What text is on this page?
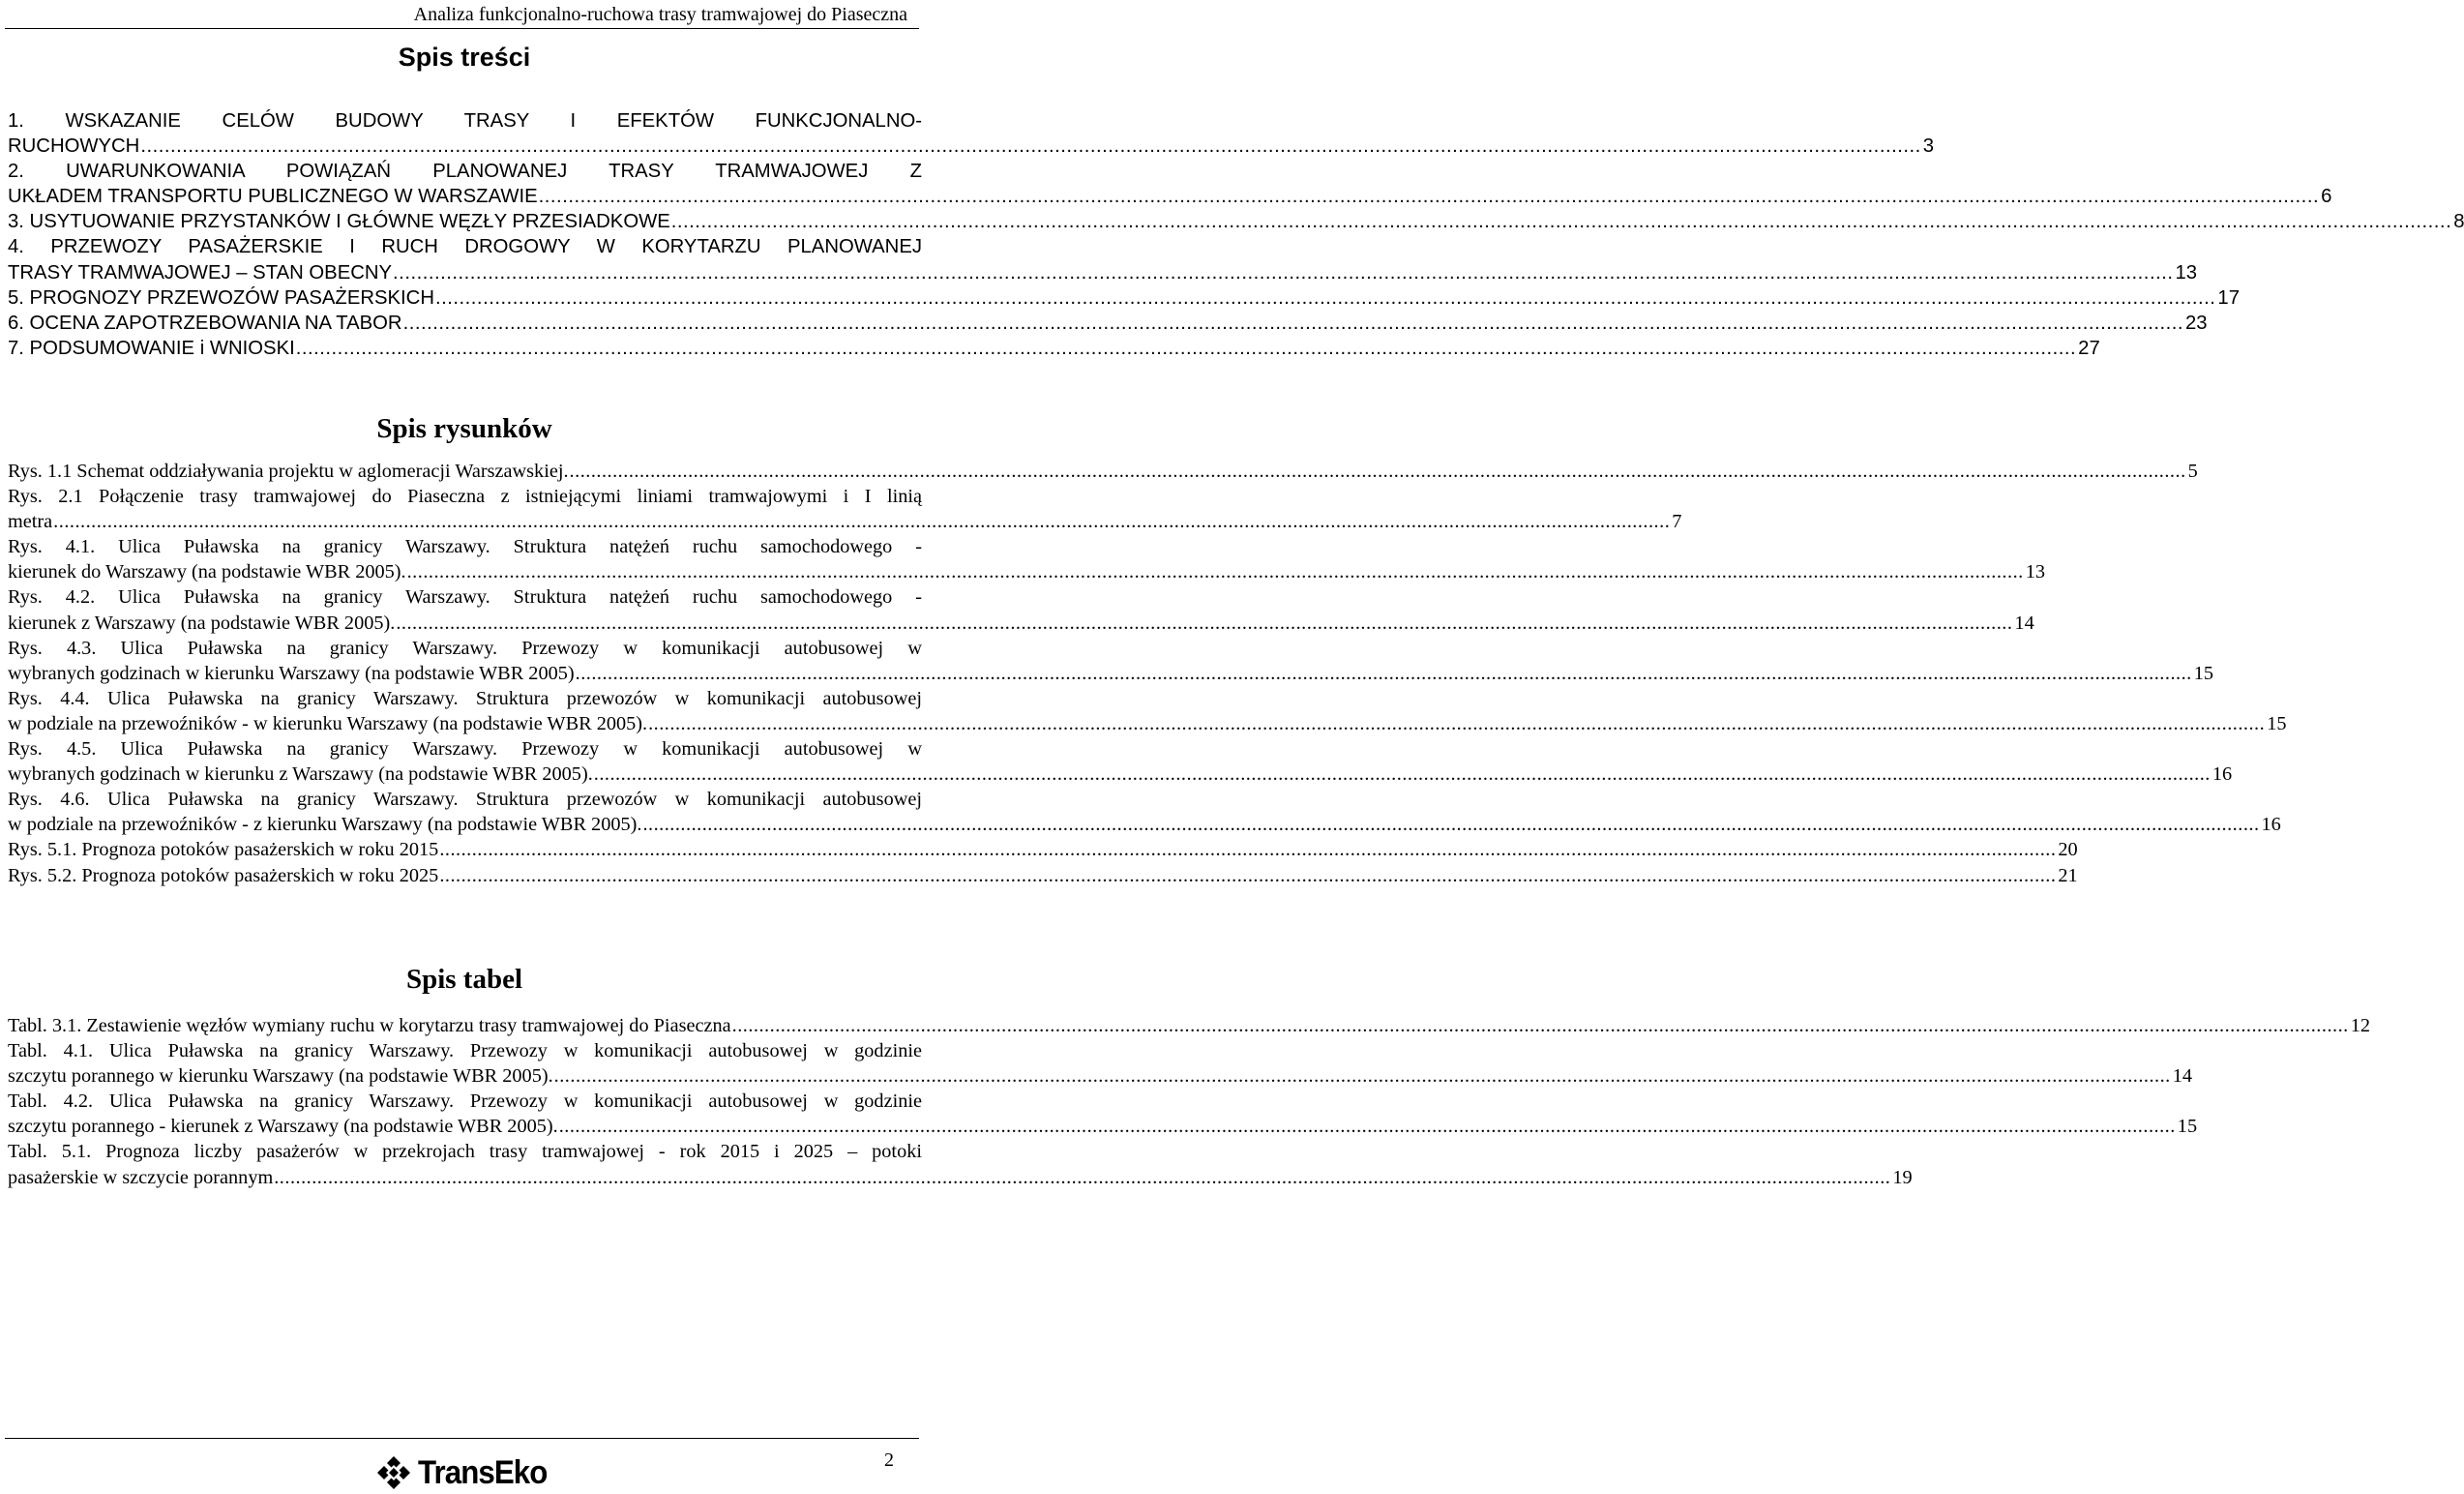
Analiza funkcjonalno-ruchowa trasy tramwajowej do Piaseczna
Spis treści
1. WSKAZANIE CELÓW BUDOWY TRASY I EFEKTÓW FUNKCJONALNO-
RUCHOWYCH ............................................................................................................................................................................................................................................................................................................ 3
2. UWARUNKOWANIA POWIĄZAŃ PLANOWANEJ TRASY TRAMWAJOWEJ Z
UKŁADEM TRANSPORTU PUBLICZNEGO W WARSZAWIE ............................................................................................................................................................................................................................................................................................................ 6
3. USYTUOWANIE PRZYSTANKÓW I GŁÓWNE WĘZŁY PRZESIADKOWE ............................................................................................................................................................................................................................................................................................................ 8
4. PRZEWOZY PASAŻERSKIE I RUCH DROGOWY W KORYTARZU PLANOWANEJ
TRASY TRAMWAJOWEJ – STAN OBECNY ............................................................................................................................................................................................................................................................................................................ 13
5. PROGNOZY PRZEWOZÓW PASAŻERSKICH ............................................................................................................................................................................................................................................................................................................ 17
6. OCENA ZAPOTRZEBOWANIA NA TABOR ............................................................................................................................................................................................................................................................................................................ 23
7. PODSUMOWANIE i WNIOSKI ............................................................................................................................................................................................................................................................................................................ 27
Spis rysunków
Rys. 1.1 Schemat oddziaływania projektu w aglomeracji Warszawskiej. ............................................................................................................................................................................................................................................................................................................ 5
Rys. 2.1 Połączenie trasy tramwajowej do Piaseczna z istniejącymi liniami tramwajowymi i I linią
metra ............................................................................................................................................................................................................................................................................................................ 7
Rys. 4.1. Ulica Puławska na granicy Warszawy. Struktura natężeń ruchu samochodowego -
kierunek do Warszawy (na podstawie WBR 2005). ............................................................................................................................................................................................................................................................................................................ 13
Rys. 4.2. Ulica Puławska na granicy Warszawy. Struktura natężeń ruchu samochodowego -
kierunek z Warszawy (na podstawie WBR 2005). ............................................................................................................................................................................................................................................................................................................ 14
Rys. 4.3. Ulica Puławska na granicy Warszawy. Przewozy w komunikacji autobusowej w
wybranych godzinach w kierunku Warszawy (na podstawie WBR 2005) ............................................................................................................................................................................................................................................................................................................ 15
Rys. 4.4. Ulica Puławska na granicy Warszawy. Struktura przewozów w komunikacji autobusowej
w podziale na przewoźników - w kierunku Warszawy (na podstawie WBR 2005). ............................................................................................................................................................................................................................................................................................................ 15
Rys. 4.5. Ulica Puławska na granicy Warszawy. Przewozy w komunikacji autobusowej w
wybranych godzinach w kierunku z Warszawy (na podstawie WBR 2005). ............................................................................................................................................................................................................................................................................................................ 16
Rys. 4.6. Ulica Puławska na granicy Warszawy. Struktura przewozów w komunikacji autobusowej
w podziale na przewoźników - z kierunku Warszawy (na podstawie WBR 2005). ............................................................................................................................................................................................................................................................................................................ 16
Rys. 5.1. Prognoza potoków pasażerskich w roku 2015 ............................................................................................................................................................................................................................................................................................................ 20
Rys. 5.2. Prognoza potoków pasażerskich w roku 2025 ............................................................................................................................................................................................................................................................................................................ 21
Spis tabel
Tabl. 3.1. Zestawienie węzłów wymiany ruchu w korytarzu trasy tramwajowej do Piaseczna ............................................................................................................................................................................................................................................................................................................ 12
Tabl. 4.1. Ulica Puławska na granicy Warszawy. Przewozy w komunikacji autobusowej w godzinie
szczytu porannego w kierunku Warszawy (na podstawie WBR 2005). ............................................................................................................................................................................................................................................................................................................ 14
Tabl. 4.2. Ulica Puławska na granicy Warszawy. Przewozy w komunikacji autobusowej w godzinie
szczytu porannego - kierunek z Warszawy (na podstawie WBR 2005). ............................................................................................................................................................................................................................................................................................................ 15
Tabl. 5.1. Prognoza liczby pasażerów w przekrojach trasy tramwajowej - rok 2015 i 2025 – potoki
pasażerskie w szczycie porannym ............................................................................................................................................................................................................................................................................................................ 19
2
TransEko
